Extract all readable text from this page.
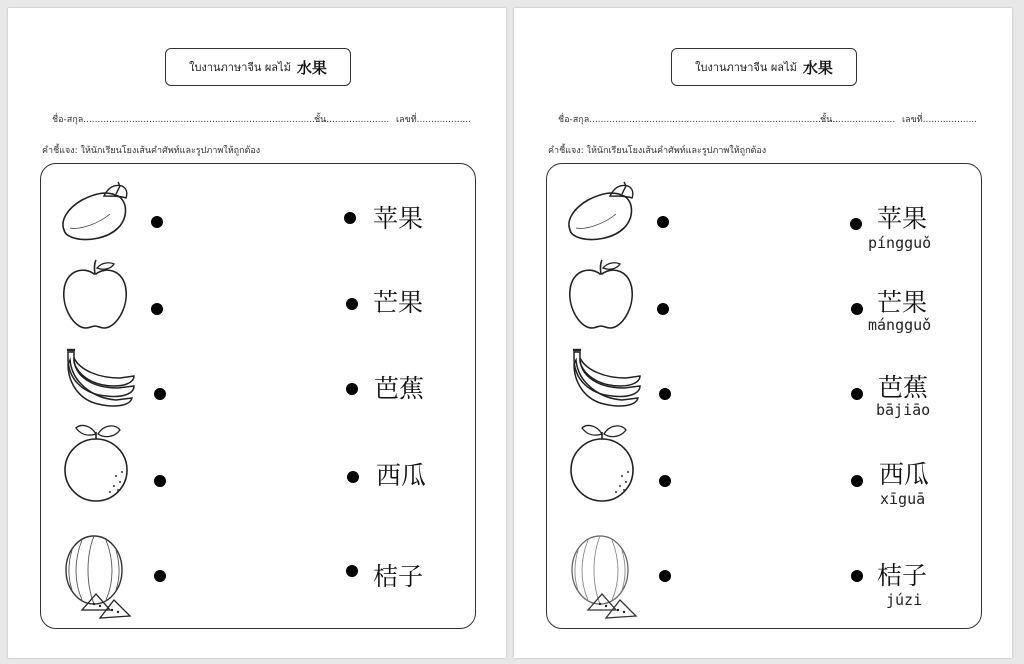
ใบงานภาษาจีน ผลไม้ 水果
ชื่อ-สกุล.......................................................................................
ชั้น...................... เลขที่...................
คำชี้แจง: ให้นักเรียนโยงเส้นคำศัพท์และรูปภาพให้ถูกต้อง
苹果
芒果
芭蕉
西瓜
桔子
ใบงานภาษาจีน ผลไม้ 水果
ชื่อ-สกุล.......................................................................................
ชั้น...................... เลขที่...................
คำชี้แจง: ให้นักเรียนโยงเส้นคำศัพท์และรูปภาพให้ถูกต้อง
苹果
píngguǒ
芒果
mángguǒ
芭蕉
bājiāo
西瓜
xīguā
桔子
júzi
